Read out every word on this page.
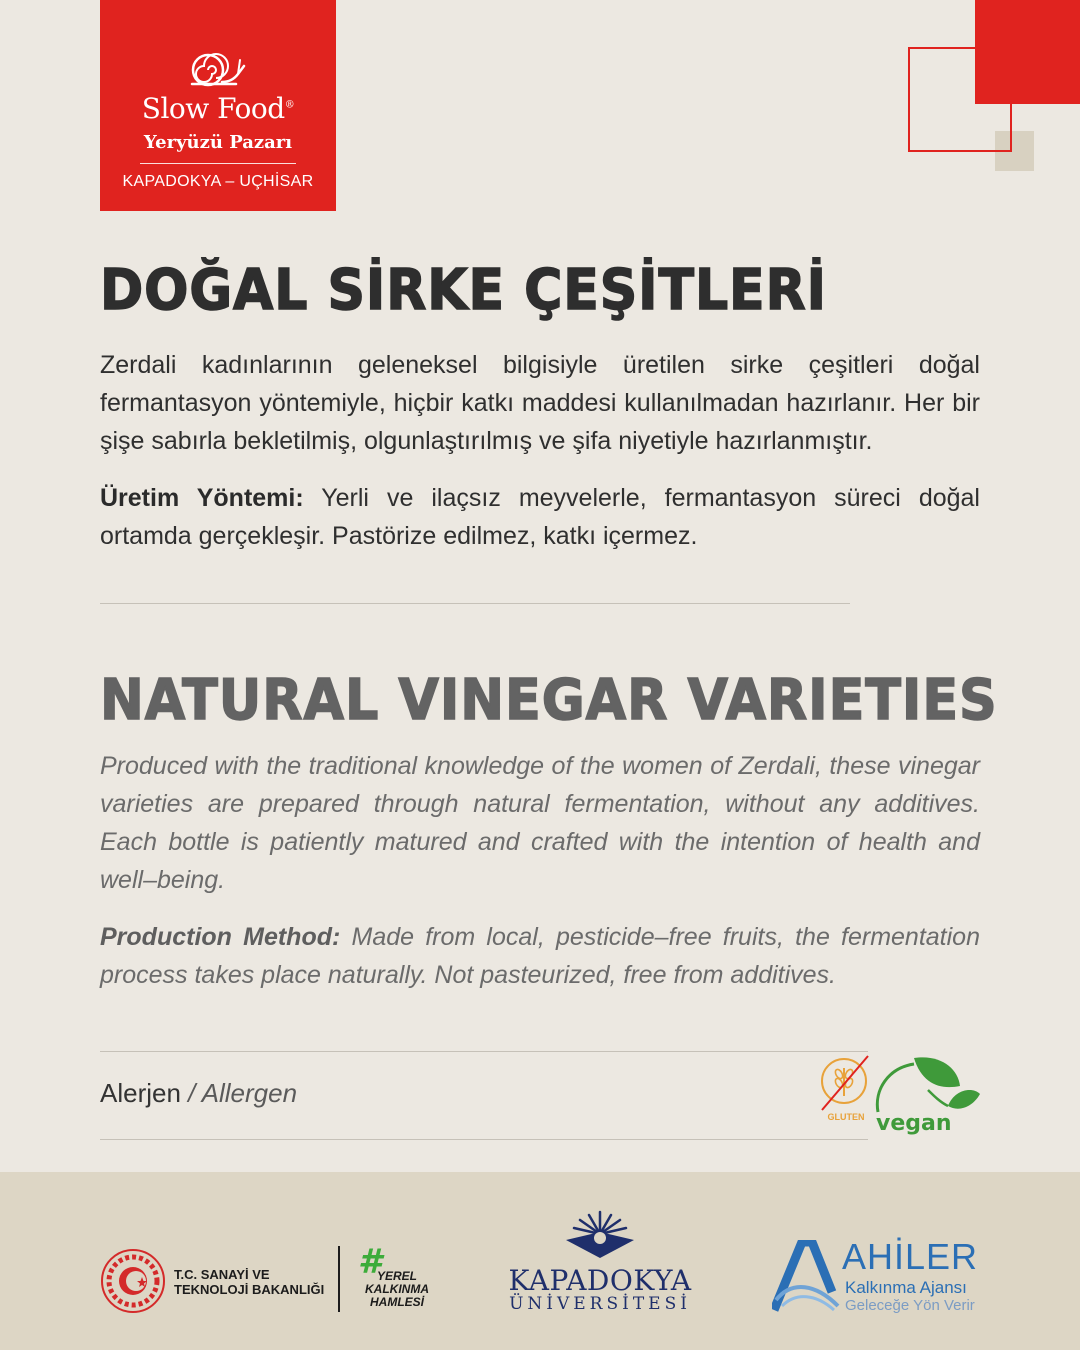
Slow Food®
Yeryüzü Pazarı
KAPADOKYA – UÇHİSAR
DOĞAL SİRKE ÇEŞİTLERİ

Zerdali kadınlarının geleneksel bilgisiyle üretilen sirke çeşitleri doğal fermantasyon yöntemiyle, hiçbir katkı maddesi kullanılmadan hazırlanır. Her bir şişe sabırla bekletilmiş, olgunlaştırılmış ve şifa niyetiyle hazırlanmıştır.

Üretim Yöntemi: Yerli ve ilaçsız meyvelerle, fermantasyon süreci doğal ortamda gerçekleşir. Pastörize edilmez, katkı içermez.

NATURAL VINEGAR VARIETIES

Produced with the traditional knowledge of the women of Zerdali, these vinegar varieties are prepared through natural fermentation, without any additives. Each bottle is patiently matured and crafted with the intention of health and well–being.

Production Method: Made from local, pesticide–free fruits, the fermentation process takes place naturally. Not pasteurized, free from additives.

Alerjen / Allergen
GLUTEN vegan
T.C. SANAYİ VE
TEKNOLOJİ BAKANLIĞI
#
YEREL
KALKINMA
HAMLESİ
KAPADOKYA
ÜNİVERSİTESİ
AHİLER
Kalkınma Ajansı
Geleceğe Yön Verir
